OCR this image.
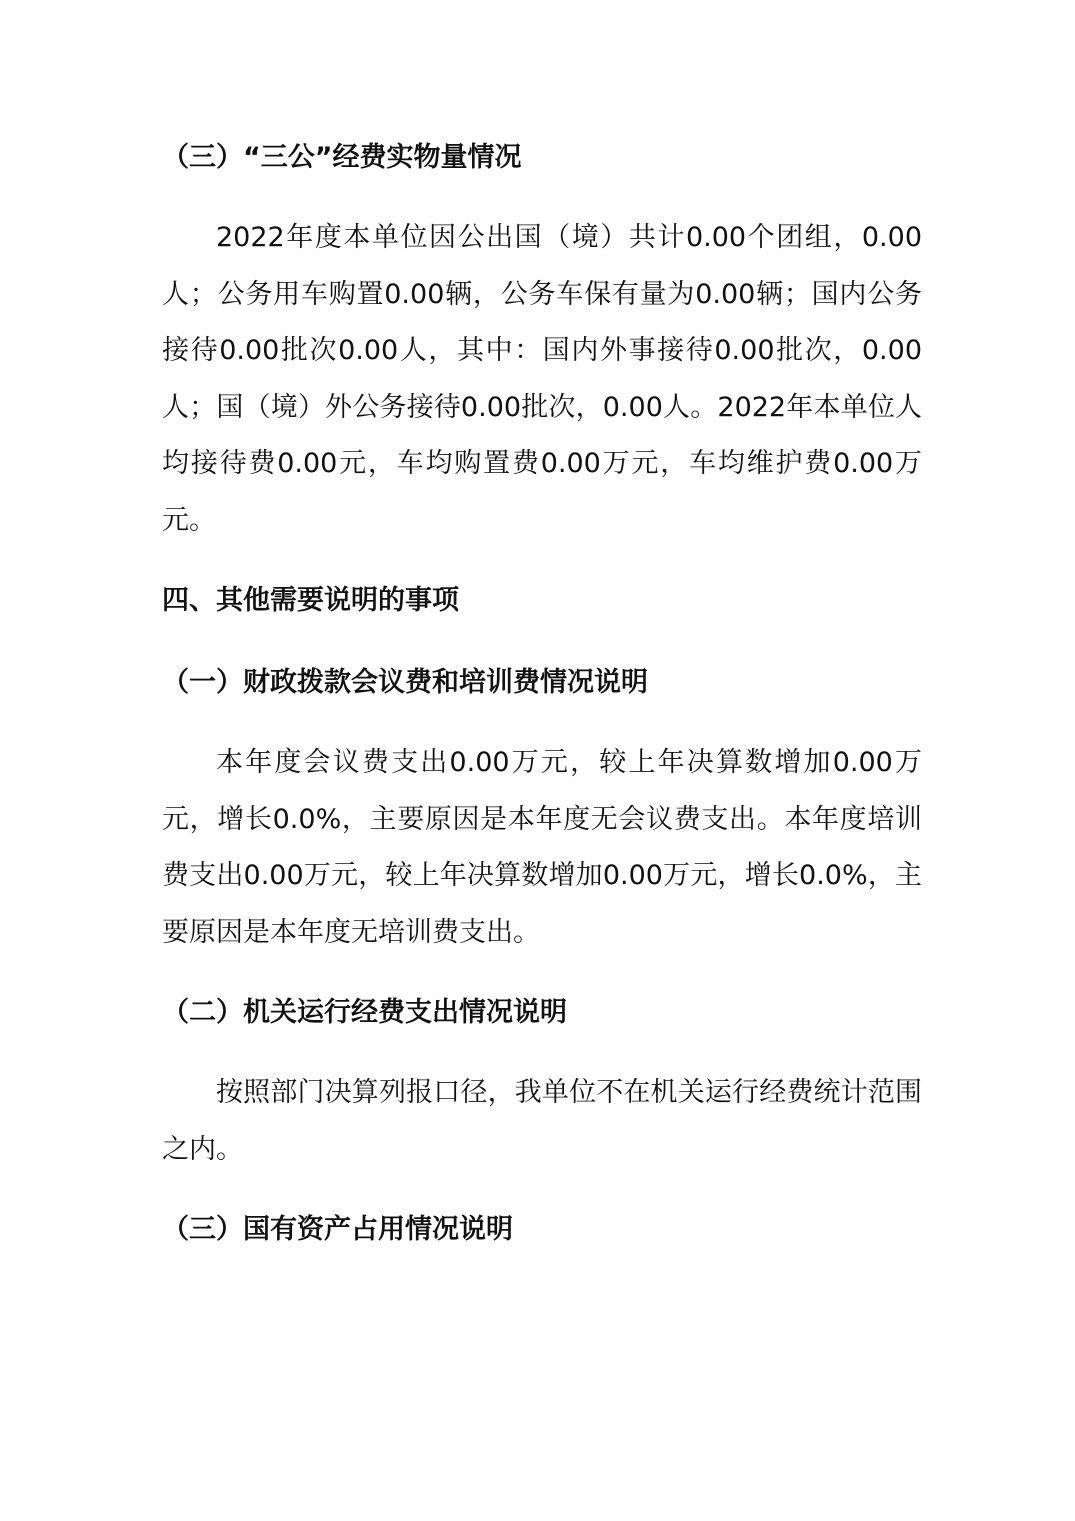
（三）“三公”经费实物量情况

2022年度本单位因公出国（境）共计0.00个团组，0.00人；公务用车购置0.00辆，公务车保有量为0.00辆；国内公务接待0.00批次0.00人，其中：国内外事接待0.00批次，0.00人；国（境）外公务接待0.00批次，0.00人。2022年本单位人均接待费0.00元，车均购置费0.00万元，车均维护费0.00万元。

四、其他需要说明的事项

（一）财政拨款会议费和培训费情况说明

本年度会议费支出0.00万元，较上年决算数增加0.00万元，增长0.0%，主要原因是本年度无会议费支出。本年度培训费支出0.00万元，较上年决算数增加0.00万元，增长0.0%，主要原因是本年度无培训费支出。

（二）机关运行经费支出情况说明

按照部门决算列报口径，我单位不在机关运行经费统计范围之内。

（三）国有资产占用情况说明
